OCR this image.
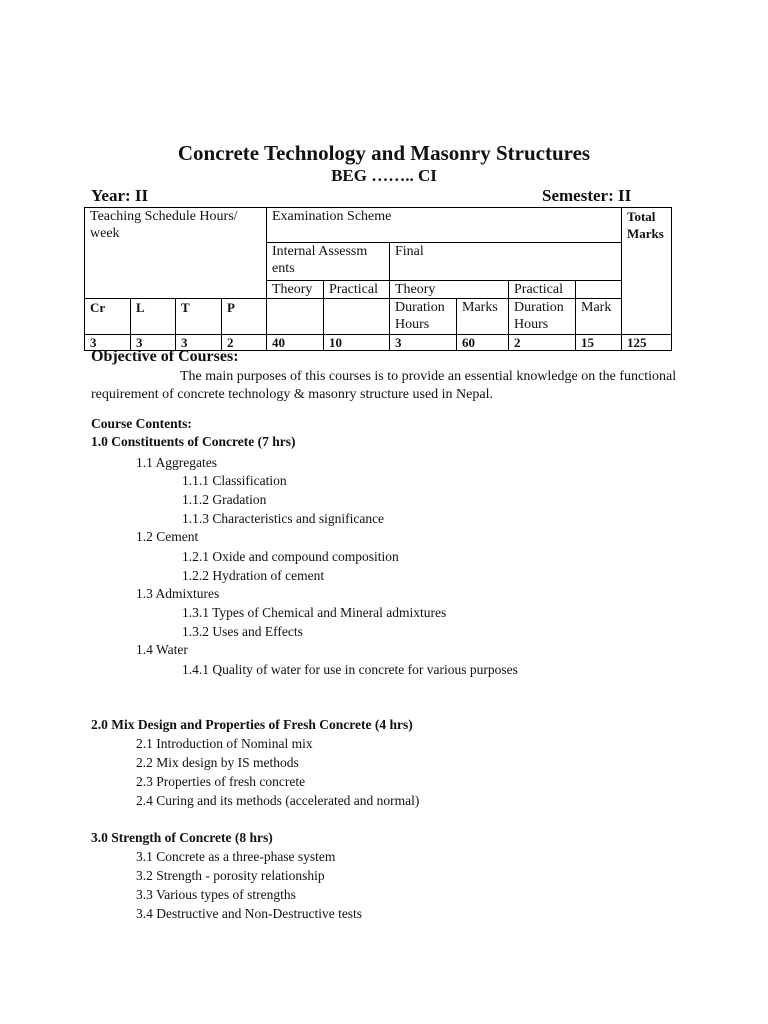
Concrete Technology and Masonry Structures
BEG …….. CI
Year: II	Semester: II
Teaching Schedule Hours/ week				Examination Scheme						Total Marks
				Internal Assessm ents		Final				
				Theory	Practical	Theory		Practical		
Cr	L	T	P			Duration Hours	Marks	Duration Hours	Mark	
3	3	3	2	40	10	3	60	2	15	125
Objective of Courses:
The main purposes of this courses is to provide an essential knowledge on the functional requirement of concrete technology & masonry structure used in Nepal.
Course Contents:
1.0 Constituents of Concrete (7 hrs)
1.1 Aggregates
1.1.1 Classification
1.1.2 Gradation
1.1.3 Characteristics and significance
1.2 Cement
1.2.1 Oxide and compound composition
1.2.2 Hydration of cement
1.3 Admixtures
1.3.1 Types of Chemical and Mineral admixtures
1.3.2 Uses and Effects
1.4 Water
1.4.1 Quality of water for use in concrete for various purposes
2.0 Mix Design and Properties of Fresh Concrete (4 hrs)
2.1 Introduction of Nominal mix
2.2 Mix design by IS methods
2.3 Properties of fresh concrete
2.4 Curing and its methods (accelerated and normal)
3.0 Strength of Concrete (8 hrs)
3.1 Concrete as a three-phase system
3.2 Strength - porosity relationship
3.3 Various types of strengths
3.4 Destructive and Non-Destructive tests
